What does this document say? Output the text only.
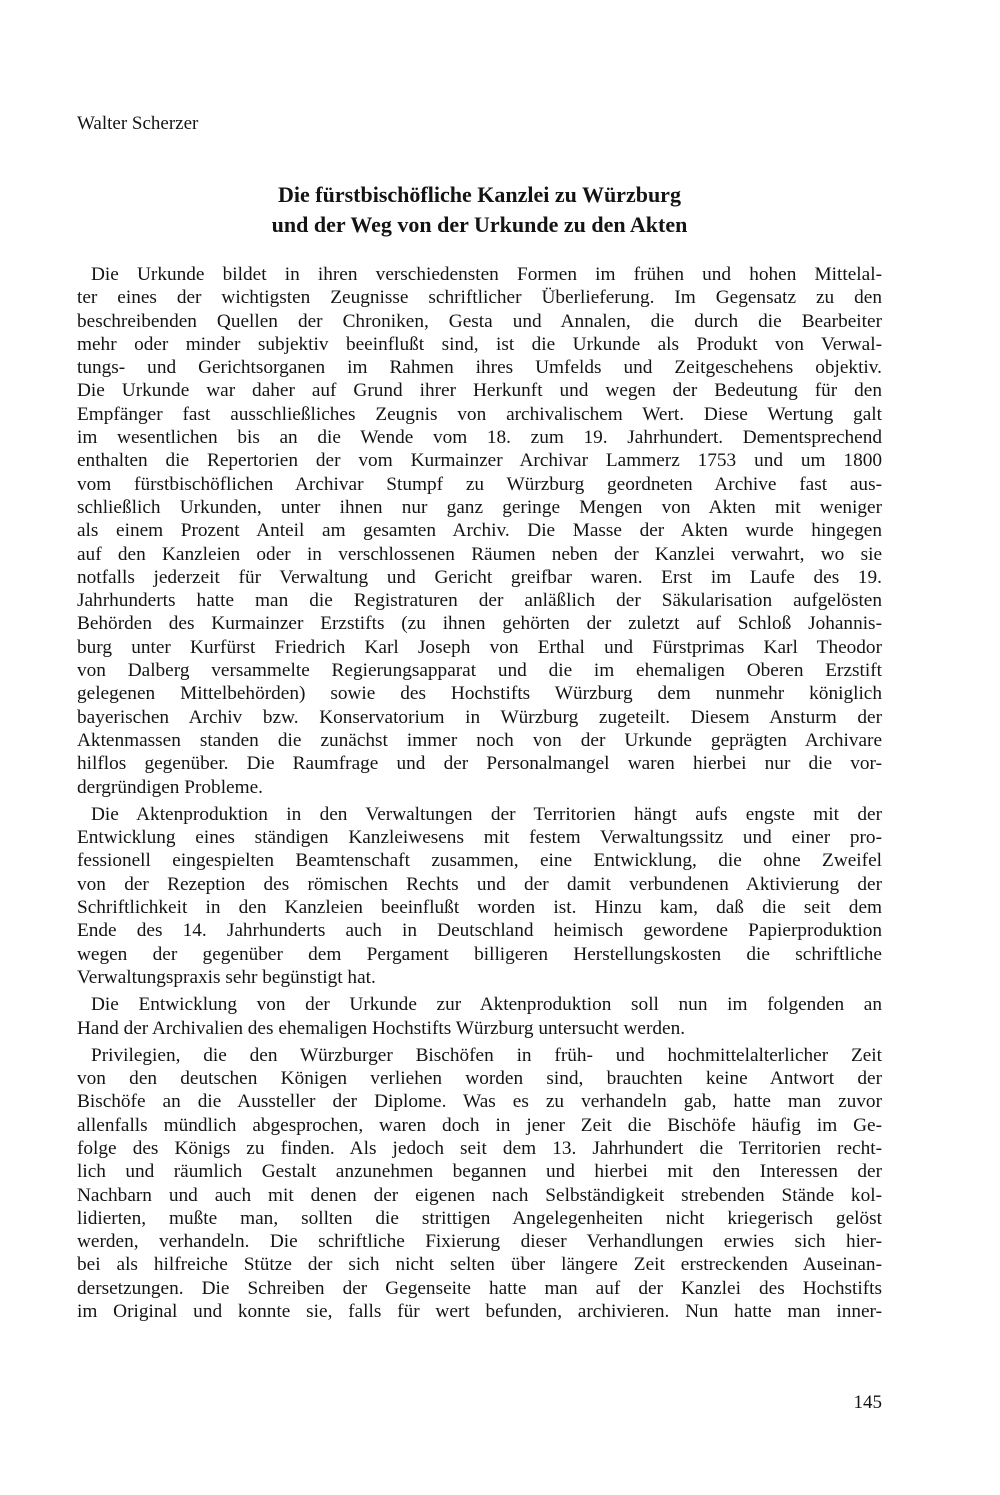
Walter Scherzer

Die fürstbischöfliche Kanzlei zu Würzburg
und der Weg von der Urkunde zu den Akten
Die Urkunde bildet in ihren verschiedensten Formen im frühen und hohen Mittelal-
ter eines der wichtigsten Zeugnisse schriftlicher Überlieferung. Im Gegensatz zu den
beschreibenden Quellen der Chroniken, Gesta und Annalen, die durch die Bearbeiter
mehr oder minder subjektiv beeinflußt sind, ist die Urkunde als Produkt von Verwal-
tungs- und Gerichtsorganen im Rahmen ihres Umfelds und Zeitgeschehens objektiv.
Die Urkunde war daher auf Grund ihrer Herkunft und wegen der Bedeutung für den
Empfänger fast ausschließliches Zeugnis von archivalischem Wert. Diese Wertung galt
im wesentlichen bis an die Wende vom 18. zum 19. Jahrhundert. Dementsprechend
enthalten die Repertorien der vom Kurmainzer Archivar Lammerz 1753 und um 1800
vom fürstbischöflichen Archivar Stumpf zu Würzburg geordneten Archive fast aus-
schließlich Urkunden, unter ihnen nur ganz geringe Mengen von Akten mit weniger
als einem Prozent Anteil am gesamten Archiv. Die Masse der Akten wurde hingegen
auf den Kanzleien oder in verschlossenen Räumen neben der Kanzlei verwahrt, wo sie
notfalls jederzeit für Verwaltung und Gericht greifbar waren. Erst im Laufe des 19.
Jahrhunderts hatte man die Registraturen der anläßlich der Säkularisation aufgelösten
Behörden des Kurmainzer Erzstifts (zu ihnen gehörten der zuletzt auf Schloß Johannis-
burg unter Kurfürst Friedrich Karl Joseph von Erthal und Fürstprimas Karl Theodor
von Dalberg versammelte Regierungsapparat und die im ehemaligen Oberen Erzstift
gelegenen Mittelbehörden) sowie des Hochstifts Würzburg dem nunmehr königlich
bayerischen Archiv bzw. Konservatorium in Würzburg zugeteilt. Diesem Ansturm der
Aktenmassen standen die zunächst immer noch von der Urkunde geprägten Archivare
hilflos gegenüber. Die Raumfrage und der Personalmangel waren hierbei nur die vor-
dergründigen Probleme.
Die Aktenproduktion in den Verwaltungen der Territorien hängt aufs engste mit der
Entwicklung eines ständigen Kanzleiwesens mit festem Verwaltungssitz und einer pro-
fessionell eingespielten Beamtenschaft zusammen, eine Entwicklung, die ohne Zweifel
von der Rezeption des römischen Rechts und der damit verbundenen Aktivierung der
Schriftlichkeit in den Kanzleien beeinflußt worden ist. Hinzu kam, daß die seit dem
Ende des 14. Jahrhunderts auch in Deutschland heimisch gewordene Papierproduktion
wegen der gegenüber dem Pergament billigeren Herstellungskosten die schriftliche
Verwaltungspraxis sehr begünstigt hat.
Die Entwicklung von der Urkunde zur Aktenproduktion soll nun im folgenden an
Hand der Archivalien des ehemaligen Hochstifts Würzburg untersucht werden.
Privilegien, die den Würzburger Bischöfen in früh- und hochmittelalterlicher Zeit
von den deutschen Königen verliehen worden sind, brauchten keine Antwort der
Bischöfe an die Aussteller der Diplome. Was es zu verhandeln gab, hatte man zuvor
allenfalls mündlich abgesprochen, waren doch in jener Zeit die Bischöfe häufig im Ge-
folge des Königs zu finden. Als jedoch seit dem 13. Jahrhundert die Territorien recht-
lich und räumlich Gestalt anzunehmen begannen und hierbei mit den Interessen der
Nachbarn und auch mit denen der eigenen nach Selbständigkeit strebenden Stände kol-
lidierten, mußte man, sollten die strittigen Angelegenheiten nicht kriegerisch gelöst
werden, verhandeln. Die schriftliche Fixierung dieser Verhandlungen erwies sich hier-
bei als hilfreiche Stütze der sich nicht selten über längere Zeit erstreckenden Auseinan-
dersetzungen. Die Schreiben der Gegenseite hatte man auf der Kanzlei des Hochstifts
im Original und konnte sie, falls für wert befunden, archivieren. Nun hatte man inner-
145
